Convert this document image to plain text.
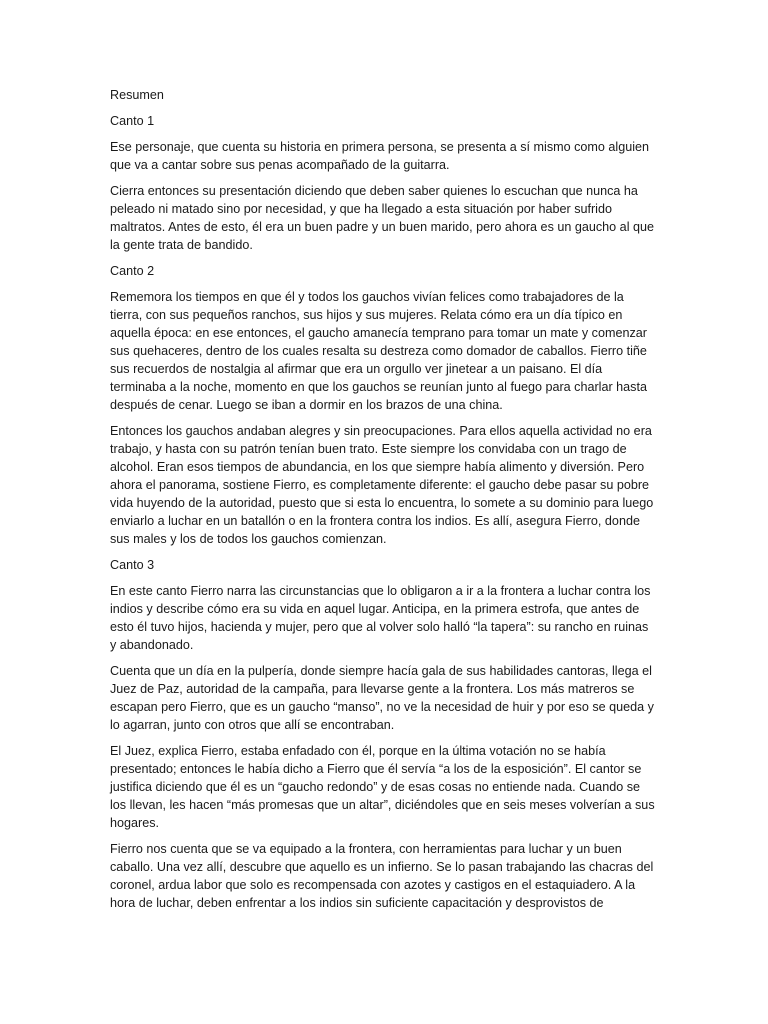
Resumen

Canto 1

Ese personaje, que cuenta su historia en primera persona, se presenta a sí mismo como alguien que va a cantar sobre sus penas acompañado de la guitarra.

Cierra entonces su presentación diciendo que deben saber quienes lo escuchan que nunca ha peleado ni matado sino por necesidad, y que ha llegado a esta situación por haber sufrido maltratos. Antes de esto, él era un buen padre y un buen marido, pero ahora es un gaucho al que la gente trata de bandido.

Canto 2

Rememora los tiempos en que él y todos los gauchos vivían felices como trabajadores de la tierra, con sus pequeños ranchos, sus hijos y sus mujeres. Relata cómo era un día típico en aquella época: en ese entonces, el gaucho amanecía temprano para tomar un mate y comenzar sus quehaceres, dentro de los cuales resalta su destreza como domador de caballos. Fierro tiñe sus recuerdos de nostalgia al afirmar que era un orgullo ver jinetear a un paisano. El día terminaba a la noche, momento en que los gauchos se reunían junto al fuego para charlar hasta después de cenar. Luego se iban a dormir en los brazos de una china.

Entonces los gauchos andaban alegres y sin preocupaciones. Para ellos aquella actividad no era trabajo, y hasta con su patrón tenían buen trato. Este siempre los convidaba con un trago de alcohol. Eran esos tiempos de abundancia, en los que siempre había alimento y diversión. Pero ahora el panorama, sostiene Fierro, es completamente diferente: el gaucho debe pasar su pobre vida huyendo de la autoridad, puesto que si esta lo encuentra, lo somete a su dominio para luego enviarlo a luchar en un batallón o en la frontera contra los indios. Es allí, asegura Fierro, donde sus males y los de todos los gauchos comienzan.

Canto 3

En este canto Fierro narra las circunstancias que lo obligaron a ir a la frontera a luchar contra los indios y describe cómo era su vida en aquel lugar. Anticipa, en la primera estrofa, que antes de esto él tuvo hijos, hacienda y mujer, pero que al volver solo halló “la tapera”: su rancho en ruinas y abandonado.

Cuenta que un día en la pulpería, donde siempre hacía gala de sus habilidades cantoras, llega el Juez de Paz, autoridad de la campaña, para llevarse gente a la frontera. Los más matreros se escapan pero Fierro, que es un gaucho “manso”, no ve la necesidad de huir y por eso se queda y lo agarran, junto con otros que allí se encontraban.

El Juez, explica Fierro, estaba enfadado con él, porque en la última votación no se había presentado; entonces le había dicho a Fierro que él servía “a los de la esposición”. El cantor se justifica diciendo que él es un “gaucho redondo” y de esas cosas no entiende nada. Cuando se los llevan, les hacen “más promesas que un altar”, diciéndoles que en seis meses volverían a sus hogares.

Fierro nos cuenta que se va equipado a la frontera, con herramientas para luchar y un buen caballo. Una vez allí, descubre que aquello es un infierno. Se lo pasan trabajando las chacras del coronel, ardua labor que solo es recompensada con azotes y castigos en el estaquiadero. A la hora de luchar, deben enfrentar a los indios sin suficiente capacitación y desprovistos de
